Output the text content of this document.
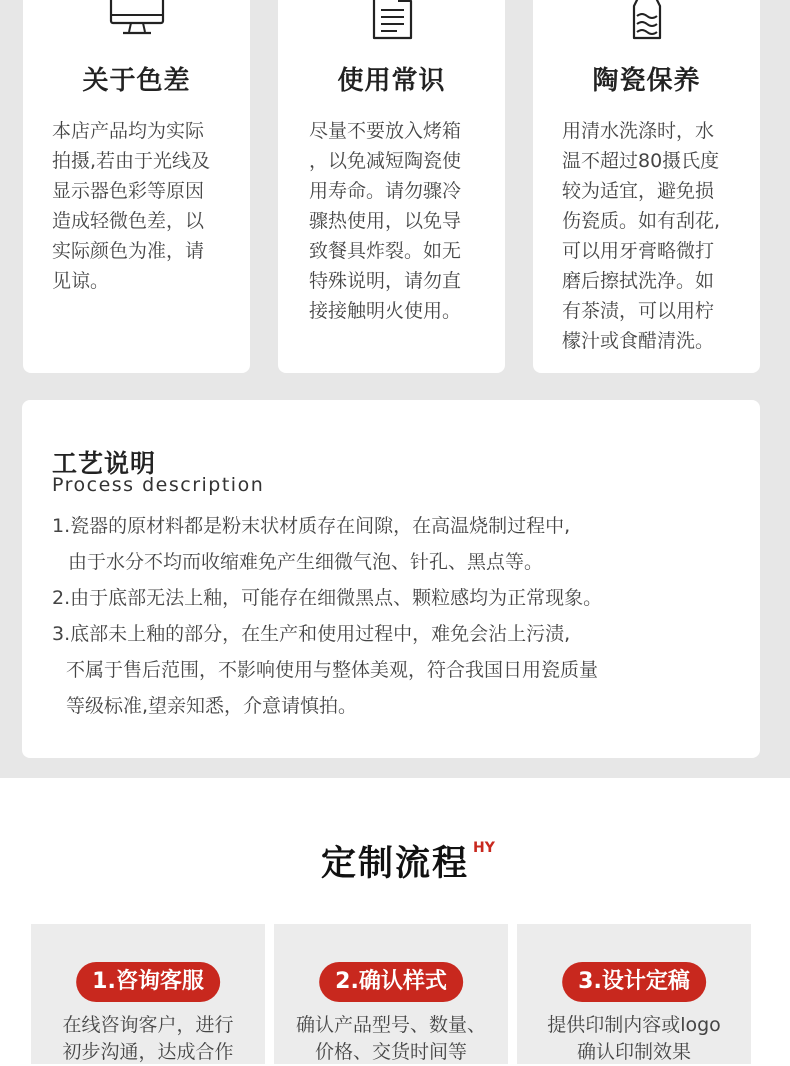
关于色差
本店产品均为实际
拍摄,若由于光线及
显示器色彩等原因
造成轻微色差，以
实际颜色为准，请
见谅。
使用常识
尽量不要放入烤箱
，以免减短陶瓷使
用寿命。请勿骤冷
骤热使用，以免导
致餐具炸裂。如无
特殊说明，请勿直
接接触明火使用。
陶瓷保养
用清水洗涤时，水
温不超过80摄氏度
较为适宜，避免损
伤瓷质。如有刮花,
可以用牙膏略微打
磨后擦拭洗净。如
有茶渍，可以用柠
檬汁或食醋清洗。
工艺说明
Process description
1.瓷器的原材料都是粉末状材质存在间隙，在高温烧制过程中,
由于水分不均而收缩难免产生细微气泡、针孔、黑点等。
2.由于底部无法上釉，可能存在细微黑点、颗粒感均为正常现象。
3.底部未上釉的部分，在生产和使用过程中，难免会沾上污渍,
不属于售后范围，不影响使用与整体美观，符合我国日用瓷质量
等级标准,望亲知悉，介意请慎拍。
定制流程 HY
1.咨询客服
在线咨询客户，进行
初步沟通，达成合作
2.确认样式
确认产品型号、数量、
价格、交货时间等
3.设计定稿
提供印制内容或logo
确认印制效果
